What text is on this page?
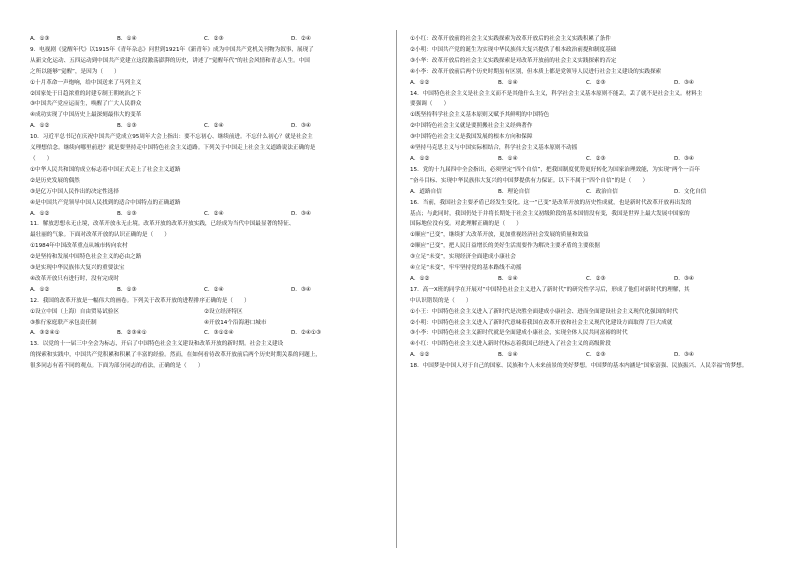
A．①③	B．①④	C．②③	D．②④
9．电视剧《觉醒年代》以1915年《青年杂志》问世到1921年《新青年》成为中国共产党机关刊物为叙事，展现了
从新文化运动、五四运动到中国共产党建立这段激荡澎湃的历史，讲述了“觉醒年代”的社会风情和青志人生。中国
之所以能够“觉醒”，是因为（　　）
①十月革命一声炮响，给中国送来了马列主义
②国家处于日趋浓重的封建专制王朝统治之下
③中国共产党应运而生，唤醒了广大人民群众
④成功实现了中国历史上最深刻最伟大的变革
A．①②	B．①③	C．②④	D．③④
10．习近平总书记在庆祝中国共产党成立95周年大会上指出：要不忘初心、继续前进。不忘什么初心？就是社会主
义理想信念。继续向哪里前进？就是要坚持走中国特色社会主义道路。下列关于中国走上社会主义道路说法正确的是
（　　）
①中华人民共和国的成立标志着中国正式走上了社会主义道路
②是历史发展的偶然
③是亿万中国人民作出的决定性选择
④是中国共产党领导中国人民找到的适合中国特点的正确道路
A．①②	B．①③	C．②④	D．③④
11．解放思想永无止境，改革开放永无止境。改革开放的改革开放实践，已经成为当代中国最显著的特征、
最壮丽的气象。下面对改革开放的认识正确的是（　　）
①1984年中国改革重点从城市转向农村
②是坚持和发展中国特色社会主义的必由之路
③是实现中华民族伟大复兴的重要法宝
④改革开放只有进行时，没有完成时
A．①②	B．①③	C．②④	D．③④
12．我国的改革开放是一幅伟大的画卷。下列关于改革开放的进程排序正确的是（　　）
①设立中国（上海）自由贸易试验区	②设立经济特区
③推行家庭联产承包责任制	④开放14个沿海港口城市
A．③②④①	B．②③④①	C．③①②④	D．②④①③
13．以党的十一届三中全会为标志，开启了中国特色社会主义建设和改革开放的新时期。社会主义建设
的探索和实践中，中国共产党积累和积累了丰富的经验。然而，在如何看待改革开放前后两个历史时期关系的问题上，
很多同志有着不同的观点。下面为部分同志的看法，正确的是（　　）
①小红：改革开放前的社会主义实践探索为改革开放后的社会主义实践积累了条件
②小明：中国共产党的诞生为实现中华民族伟大复兴提供了根本政治前提和制度基础
③小华：改革开放后的社会主义实践探索是对改革开放前的社会主义实践探索的否定
④小李：改革开放前后两个历史时期虽有区别，但本质上都是党领导人民进行社会主义建设的实践探索
A．①②	B．①④	C．②③	D．③④
14．中国特色社会主义是社会主义而不是其他什么主义，科学社会主义基本原则不能丢，丢了就不是社会主义。材料主
要强调（　　）
①既坚持科学社会主义基本原则又赋予其鲜明的中国特色
②中国特色社会主义就是要照搬社会主义经典著作
③中国特色社会主义是我国发展的根本方向和保障
④坚持马克思主义与中国实际相结合，科学社会主义基本原则不动摇
A．①②	B．①④	C．②③	D．③④
15．党的十九届四中全会指出，必须坚定“四个自信”，把我国制度优势更好转化为国家治理效能，为实现“两个一百年
”奋斗目标、实现中华民族伟大复兴的中国梦提供有力保证。以下不属于“四个自信”的是（　　）
A．道路自信	B．理论自信	C．政治自信	D．文化自信
16．当前，我国社会主要矛盾已经发生变化。这一“已变”是改革开放的历史性成就，也是新时代改革开放再出发的
基点；与此同时，我国仍处于并将长期处于社会主义初级阶段的基本国情没有变，我国是世界上最大发展中国家的
国际地位没有变。对此理解正确的是（　　）
①顺应“已变”，继续扩大改革开放，更加重视经济社会发展的质量和效益
②顺应“已变”，把人民日益增长的美好生活需要作为解决主要矛盾的主要依据
③立足“未变”，实现经济全面建成小康社会
④立足“未变”，牢牢坚持党的基本路线不动摇
A．①②	B．①④	C．②③	D．③④
17．高一X班的同学在开展对“中国特色社会主义进入了新时代”的研究性学习后，形成了他们对新时代的理解，其
中认识错误的是（　　）
①小王：中国特色社会主义进入了新时代是决胜全面建成小康社会、进而全面建设社会主义现代化强国的时代
②小明：中国特色社会主义进入了新时代意味着我国在改革开放和社会主义现代化建设方面取得了巨大成就
③小李：中国特色社会主义新时代就是全面建成小康社会，实现全体人民共同富裕的时代
④小红：中国特色社会主义进入新时代标志着我国已经进入了社会主义的高级阶段
A．①②	B．①④	C．②③	D．③④
18．中国梦是中国人对于自己的国家、民族和个人未来前景的美好梦想。中国梦的基本内涵是“国家富强、民族振兴、人民幸福”的梦想。
